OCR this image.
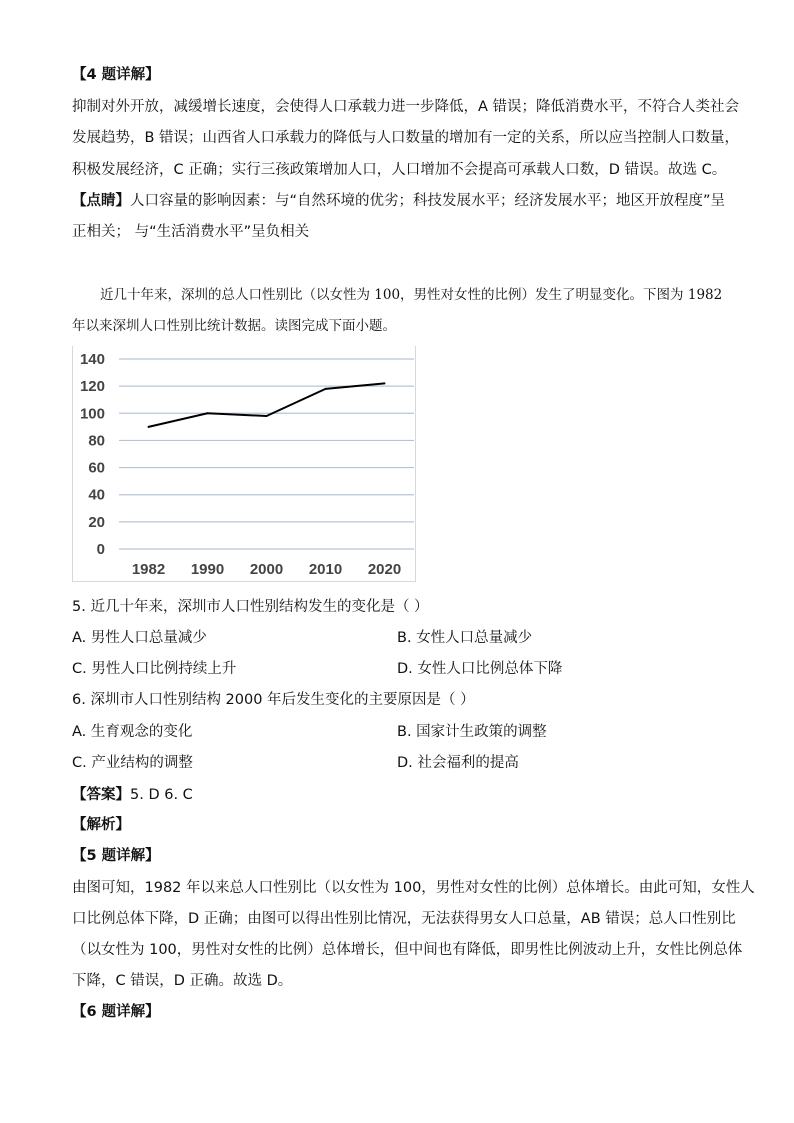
【4 题详解】
抑制对外开放，减缓增长速度，会使得人口承载力进一步降低，A 错误；降低消费水平，不符合人类社会
发展趋势，B 错误；山西省人口承载力的降低与人口数量的增加有一定的关系，所以应当控制人口数量，
积极发展经济，C 正确；实行三孩政策增加人口，人口增加不会提高可承载人口数，D 错误。故选 C。
【点睛】人口容量的影响因素：与“自然环境的优劣；科技发展水平；经济发展水平；地区开放程度”呈
正相关； 与“生活消费水平”呈负相关
近几十年来，深圳的总人口性别比（以女性为 100，男性对女性的比例）发生了明显变化。下图为 1982
年以来深圳人口性别比统计数据。读图完成下面小题。
0
20
40
60
80
100
120
140
1982 1990 2000 2010 2020
5. 近几十年来，深圳市人口性别结构发生的变化是（ ）
A. 男性人口总量减少	B. 女性人口总量减少
C. 男性人口比例持续上升	D. 女性人口比例总体下降
6. 深圳市人口性别结构 2000 年后发生变化的主要原因是（ ）
A. 生育观念的变化	B. 国家计生政策的调整
C. 产业结构的调整	D. 社会福利的提高
【答案】5. D 6. C
【解析】
【5 题详解】
由图可知，1982 年以来总人口性别比（以女性为 100，男性对女性的比例）总体增长。由此可知，女性人
口比例总体下降，D 正确；由图可以得出性别比情况，无法获得男女人口总量，AB 错误；总人口性别比
（以女性为 100，男性对女性的比例）总体增长，但中间也有降低，即男性比例波动上升，女性比例总体
下降，C 错误，D 正确。故选 D。
【6 题详解】
